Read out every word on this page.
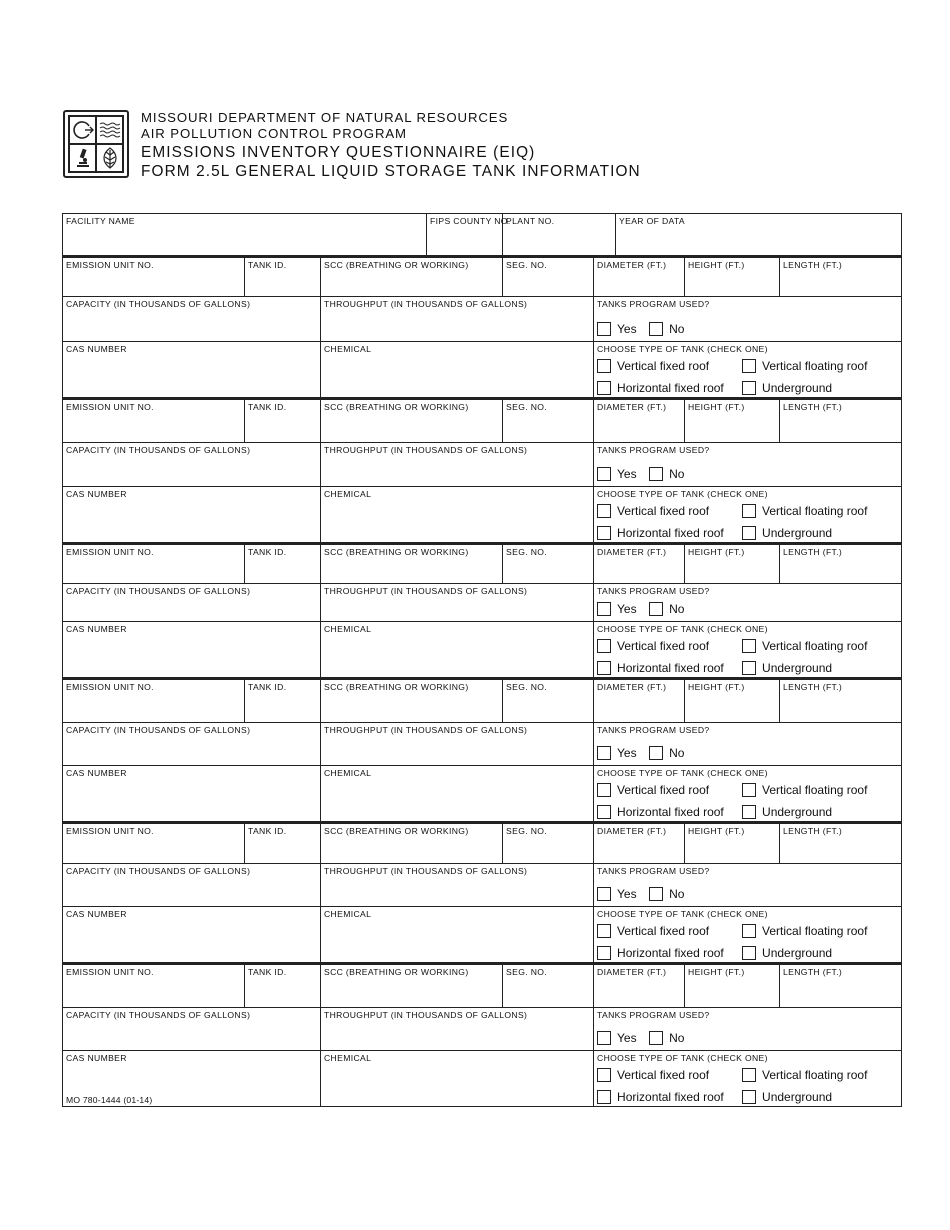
MISSOURI DEPARTMENT OF NATURAL RESOURCES
AIR POLLUTION CONTROL PROGRAM
EMISSIONS INVENTORY QUESTIONNAIRE (EIQ)
FORM 2.5L GENERAL LIQUID STORAGE TANK INFORMATION
FACILITY NAME			FIPS COUNTY NO.	PLANT NO.		YEAR OF DATA		

EMISSION UNIT NO.	TANK ID.	SCC (BREATHING OR WORKING)		SEG. NO.	DIAMETER (FT.)		HEIGHT (FT.)	LENGTH (FT.)

CAPACITY (IN THOUSANDS OF GALLONS)		THROUGHPUT (IN THOUSANDS OF GALLONS)			TANKS PROGRAM USED?
Yes No			

CAS NUMBER		CHEMICAL			CHOOSE TYPE OF TANK (CHECK ONE)
Vertical fixed roof Vertical floating roof
Horizontal fixed roof Underground			

EMISSION UNIT NO.	TANK ID.	SCC (BREATHING OR WORKING)		SEG. NO.	DIAMETER (FT.)		HEIGHT (FT.)	LENGTH (FT.)

CAPACITY (IN THOUSANDS OF GALLONS)		THROUGHPUT (IN THOUSANDS OF GALLONS)			TANKS PROGRAM USED?
Yes No			

CAS NUMBER		CHEMICAL			CHOOSE TYPE OF TANK (CHECK ONE)
Vertical fixed roof Vertical floating roof
Horizontal fixed roof Underground			

EMISSION UNIT NO.	TANK ID.	SCC (BREATHING OR WORKING)		SEG. NO.	DIAMETER (FT.)		HEIGHT (FT.)	LENGTH (FT.)

CAPACITY (IN THOUSANDS OF GALLONS)		THROUGHPUT (IN THOUSANDS OF GALLONS)			TANKS PROGRAM USED?
Yes No			

CAS NUMBER		CHEMICAL			CHOOSE TYPE OF TANK (CHECK ONE)
Vertical fixed roof Vertical floating roof
Horizontal fixed roof Underground			

EMISSION UNIT NO.	TANK ID.	SCC (BREATHING OR WORKING)		SEG. NO.	DIAMETER (FT.)		HEIGHT (FT.)	LENGTH (FT.)

CAPACITY (IN THOUSANDS OF GALLONS)		THROUGHPUT (IN THOUSANDS OF GALLONS)			TANKS PROGRAM USED?
Yes No			

CAS NUMBER		CHEMICAL			CHOOSE TYPE OF TANK (CHECK ONE)
Vertical fixed roof Vertical floating roof
Horizontal fixed roof Underground			

EMISSION UNIT NO.	TANK ID.	SCC (BREATHING OR WORKING)		SEG. NO.	DIAMETER (FT.)		HEIGHT (FT.)	LENGTH (FT.)

CAPACITY (IN THOUSANDS OF GALLONS)		THROUGHPUT (IN THOUSANDS OF GALLONS)			TANKS PROGRAM USED?
Yes No			

CAS NUMBER		CHEMICAL			CHOOSE TYPE OF TANK (CHECK ONE)
Vertical fixed roof Vertical floating roof
Horizontal fixed roof Underground			

EMISSION UNIT NO.	TANK ID.	SCC (BREATHING OR WORKING)		SEG. NO.	DIAMETER (FT.)		HEIGHT (FT.)	LENGTH (FT.)

CAPACITY (IN THOUSANDS OF GALLONS)		THROUGHPUT (IN THOUSANDS OF GALLONS)			TANKS PROGRAM USED?
Yes No			

CAS NUMBER		CHEMICAL			CHOOSE TYPE OF TANK (CHECK ONE)
Vertical fixed roof Vertical floating roof
Horizontal fixed roof Underground			
MO 780-1444 (01-14)
